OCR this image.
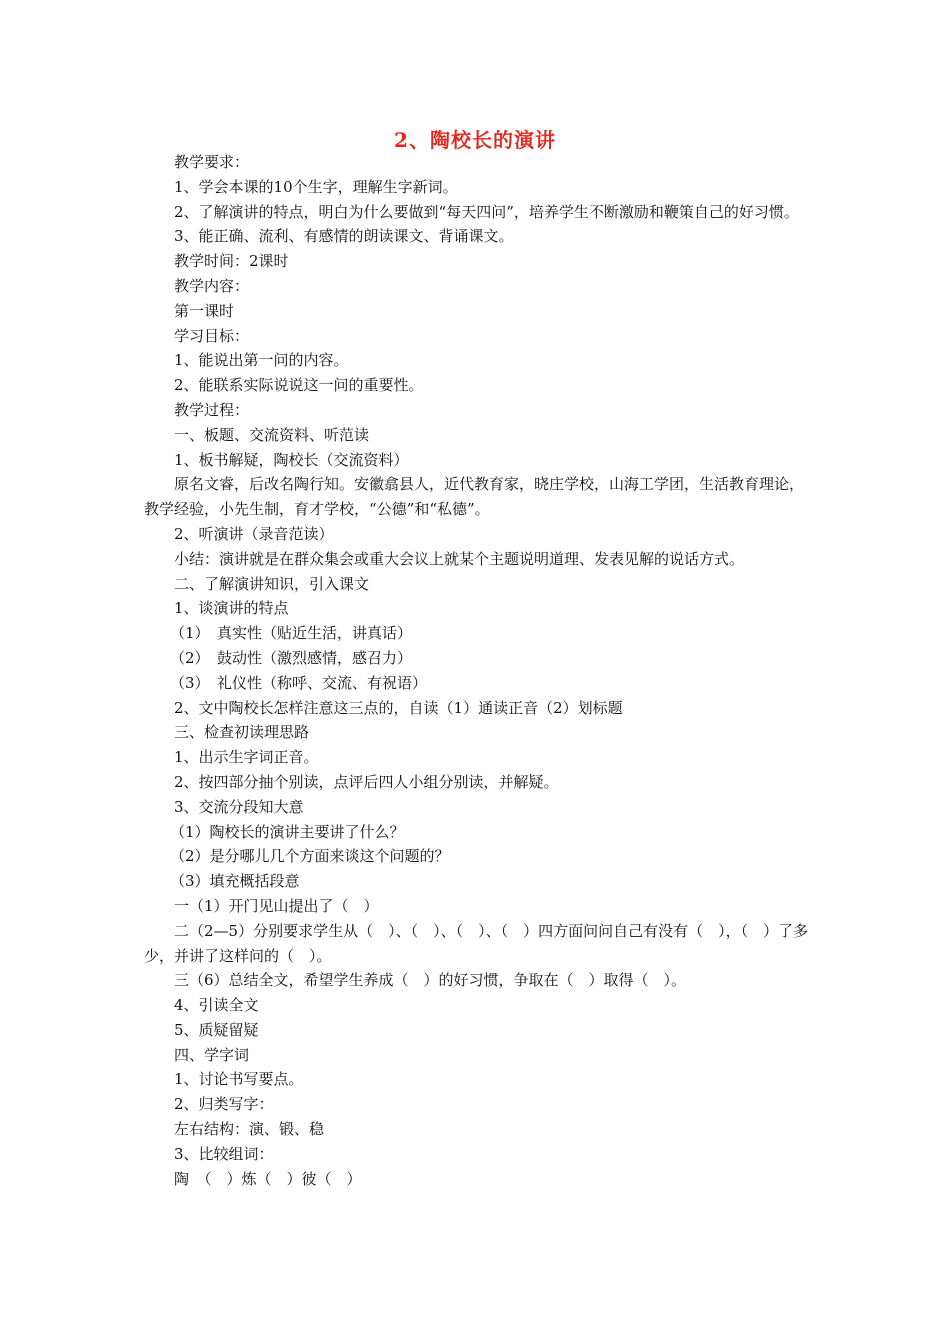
2、陶校长的演讲
教学要求：
1、学会本课的10个生字，理解生字新词。
2、了解演讲的特点，明白为什么要做到“每天四问”，培养学生不断激励和鞭策自己的好习惯。
3、能正确、流利、有感情的朗读课文、背诵课文。
教学时间：2课时
教学内容：
第一课时
学习目标：
1、能说出第一问的内容。
2、能联系实际说说这一问的重要性。
教学过程：
一、板题、交流资料、听范读
1、板书解疑，陶校长（交流资料）
原名文睿，后改名陶行知。安徽翕县人，近代教育家，晓庄学校，山海工学团，生活教育理论，教学经验，小先生制，育才学校，“公德”和“私德”。
2、听演讲（录音范读）
小结：演讲就是在群众集会或重大会议上就某个主题说明道理、发表见解的说话方式。
二、了解演讲知识，引入课文
1、谈演讲的特点
（1）　真实性（贴近生活，讲真话）
（2）　鼓动性（激烈感情，感召力）
（3）　礼仪性（称呼、交流、有祝语）
2、文中陶校长怎样注意这三点的，自读（1）通读正音（2）划标题
三、检查初读理思路
1、出示生字词正音。
2、按四部分抽个别读，点评后四人小组分别读，并解疑。
3、交流分段知大意
（1）陶校长的演讲主要讲了什么？
（2）是分哪儿几个方面来谈这个问题的？
（3）填充概括段意
一（1）开门见山提出了（　）
二（2—5）分别要求学生从（　）、（　）、（　）、（　）四方面问问自己有没有（　），（　）了多少，并讲了这样问的（　）。
三（6）总结全文，希望学生养成（　）的好习惯，争取在（　）取得（　）。
4、引读全文
5、质疑留疑
四、学字词
1、讨论书写要点。
2、归类写字：
左右结构：演、锻、稳
3、比较组词：
陶　（　）炼（　）彼（　）
